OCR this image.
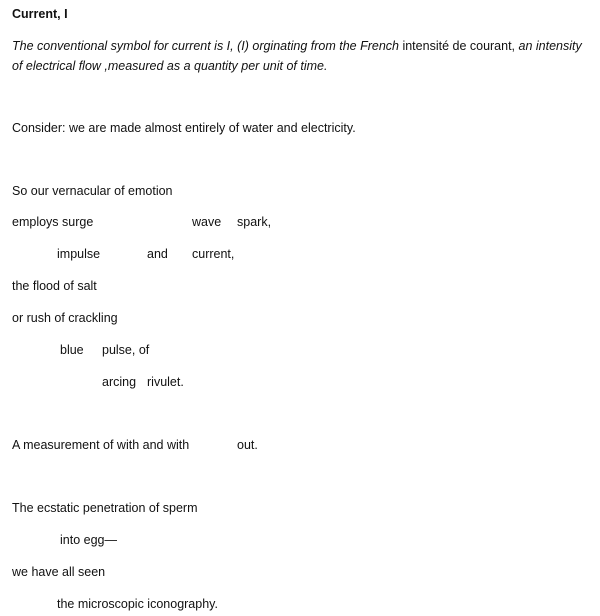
Current, I
The conventional symbol for current is I, (I) orginating from the French intensité de courant, an intensity of electrical flow ,measured as a quantity per unit of time.
Consider: we are made almost entirely of water and electricity.
So our vernacular of emotion
employs surge	wave spark,
impulse	and current,
the flood of salt
or rush of crackling
blue pulse, of
arcing rivulet.
A measurement of with and with	out.
The ecstatic penetration of sperm
into egg—
we have all seen
the microscopic iconography.
